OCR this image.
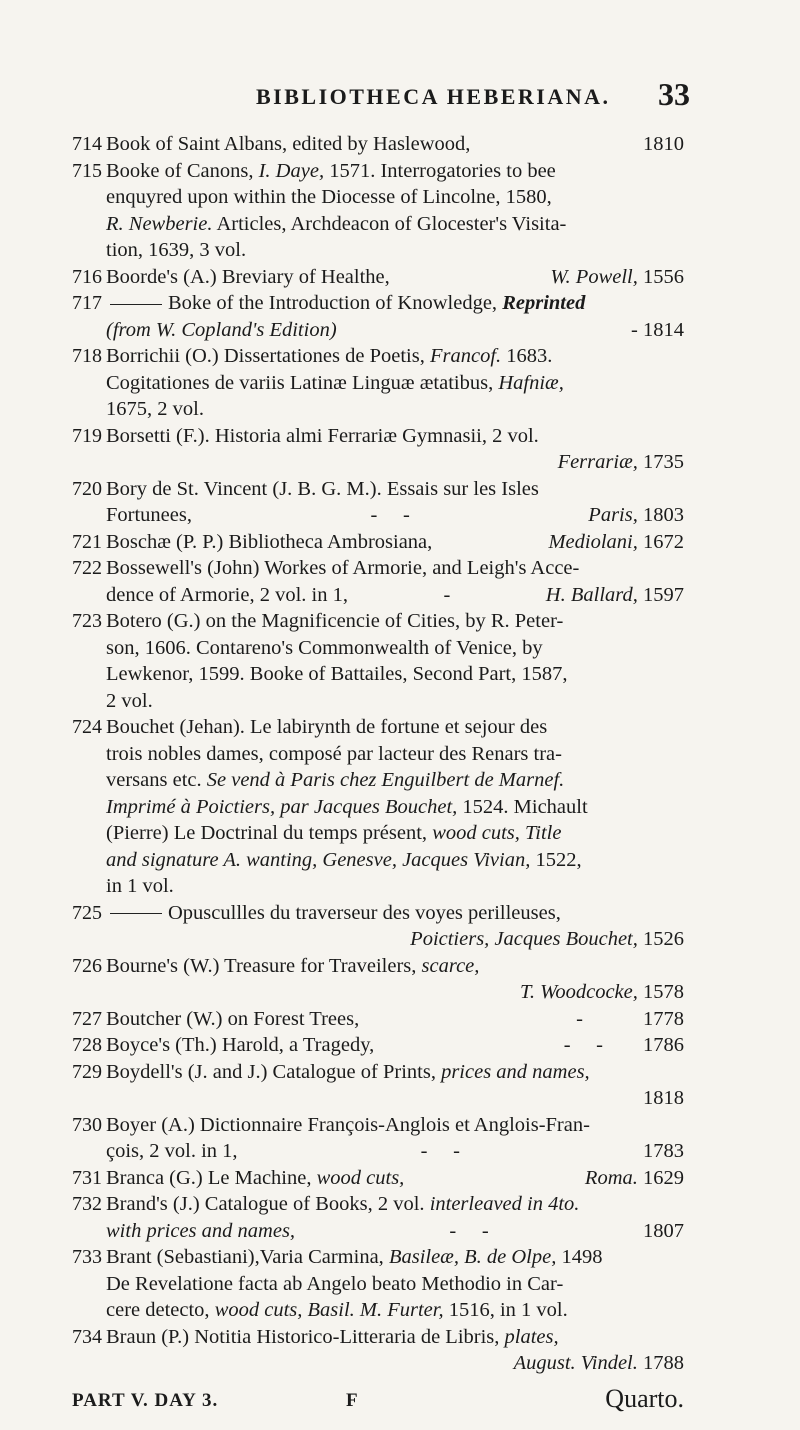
BIBLIOTHECA HEBERIANA. 33
714 Book of Saint Albans, edited by Haslewood,	1810
715 Booke of Canons, I. Daye, 1571. Interrogatories to bee
enquyred upon within the Diocesse of Lincolne, 1580,
R. Newberie. Articles, Archdeacon of Glocester's Visita-
tion, 1639, 3 vol.
716 Boorde's (A.) Breviary of Healthe,	W. Powell, 1556
717	Boke of the Introduction of Knowledge, Reprinted
(from W. Copland's Edition)	- 1814
718 Borrichii (O.) Dissertationes de Poetis, Francof. 1683.
Cogitationes de variis Latinæ Linguæ ætatibus, Hafniæ,
1675, 2 vol.
719 Borsetti (F.). Historia almi Ferrariæ Gymnasii, 2 vol.
Ferrariæ, 1735
720 Bory de St. Vincent (J. B. G. M.). Essais sur les Isles
Fortunees,	-     -	Paris, 1803
721 Boschæ (P. P.) Bibliotheca Ambrosiana,	Mediolani, 1672
722 Bossewell's (John) Workes of Armorie, and Leigh's Acce-
dence of Armorie, 2 vol. in 1,	-	H. Ballard, 1597
723 Botero (G.) on the Magnificencie of Cities, by R. Peter-
son, 1606. Contareno's Commonwealth of Venice, by
Lewkenor, 1599. Booke of Battailes, Second Part, 1587,
2 vol.
724 Bouchet (Jehan). Le labirynth de fortune et sejour des
trois nobles dames, composé par lacteur des Renars tra-
versans etc. Se vend à Paris chez Enguilbert de Marnef.
Imprimé à Poictiers, par Jacques Bouchet, 1524. Michault
(Pierre) Le Doctrinal du temps présent, wood cuts, Title
and signature A. wanting, Genesve, Jacques Vivian, 1522,
in 1 vol.
725	Opuscullles du traverseur des voyes perilleuses,
Poictiers, Jacques Bouchet, 1526
726 Bourne's (W.) Treasure for Traveilers, scarce,
T. Woodcocke, 1578
727 Boutcher (W.) on Forest Trees,	-	1778
728 Boyce's (Th.) Harold, a Tragedy,	-     - 1786
729 Boydell's (J. and J.) Catalogue of Prints, prices and names,
1818
730 Boyer (A.) Dictionnaire François-Anglois et Anglois-Fran-
çois, 2 vol. in 1,	-     -	1783
731 Branca (G.) Le Machine, wood cuts,	Roma. 1629
732 Brand's (J.) Catalogue of Books, 2 vol. interleaved in 4to.
with prices and names,	-     -	1807
733 Brant (Sebastiani),Varia Carmina, Basileæ, B. de Olpe, 1498
De Revelatione facta ab Angelo beato Methodio in Car-
cere detecto, wood cuts, Basil. M. Furter, 1516, in 1 vol.
734 Braun (P.) Notitia Historico-Litteraria de Libris, plates,
August. Vindel. 1788
PART V. DAY 3.	F	Quarto.
